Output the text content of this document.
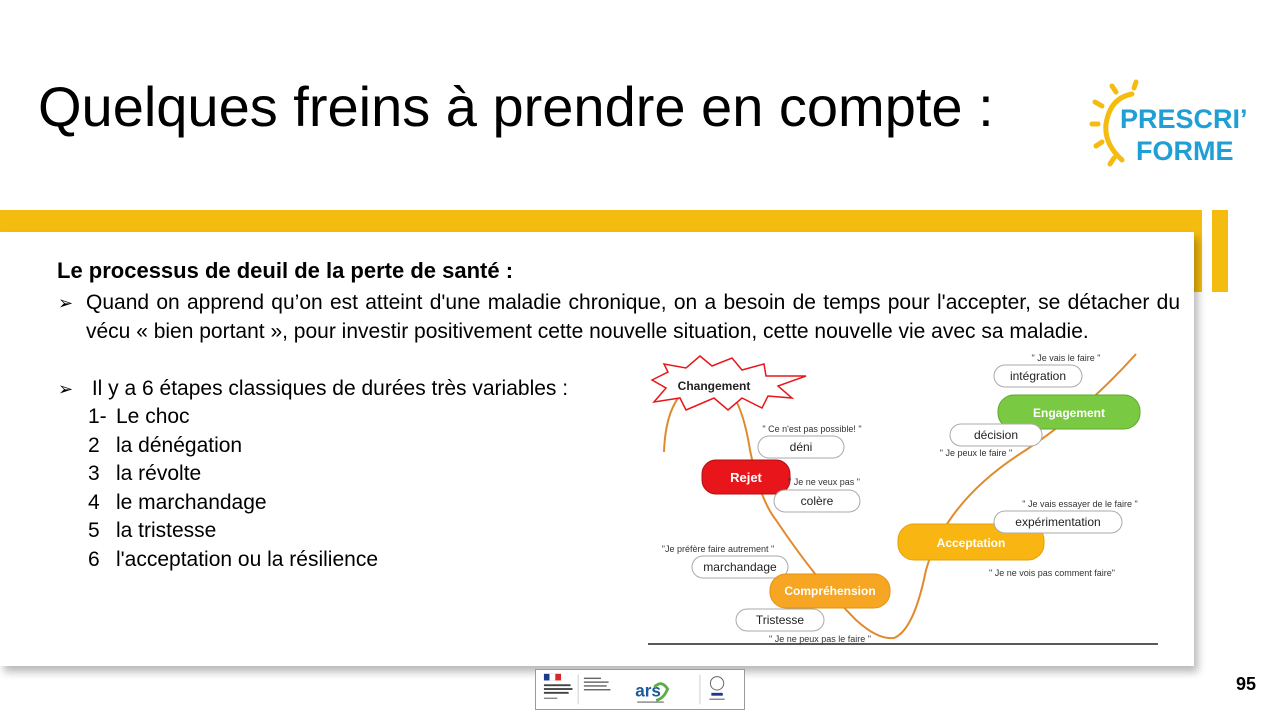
Quelques freins à prendre en compte :	PRESCRI’
FORME
Le processus de deuil de la perte de santé :
➢ Quand on apprend qu’on est atteint d'une maladie chronique, on a besoin de temps pour l'accepter, se détacher du vécu « bien portant », pour investir positivement cette nouvelle situation, cette nouvelle vie avec sa maladie.
➢ Il y a 6 étapes classiques de durées très variables :
1- Le choc
2 la dénégation
3 la révolte
4 le marchandage
5 la tristesse
6 l'acceptation ou la résilience
Changement
Rejet
" Ce n'est pas possible! "
déni
" Je ne veux pas "
colère
"Je préfère faire autrement "
marchandage
Compréhension
Tristesse
" Je ne peux pas le faire "
Acceptation
" Je ne vois pas comment faire"
" Je vais essayer de le faire "
expérimentation
Engagement
décision
" Je peux le faire "
" Je vais le faire "
intégration
ars	95
